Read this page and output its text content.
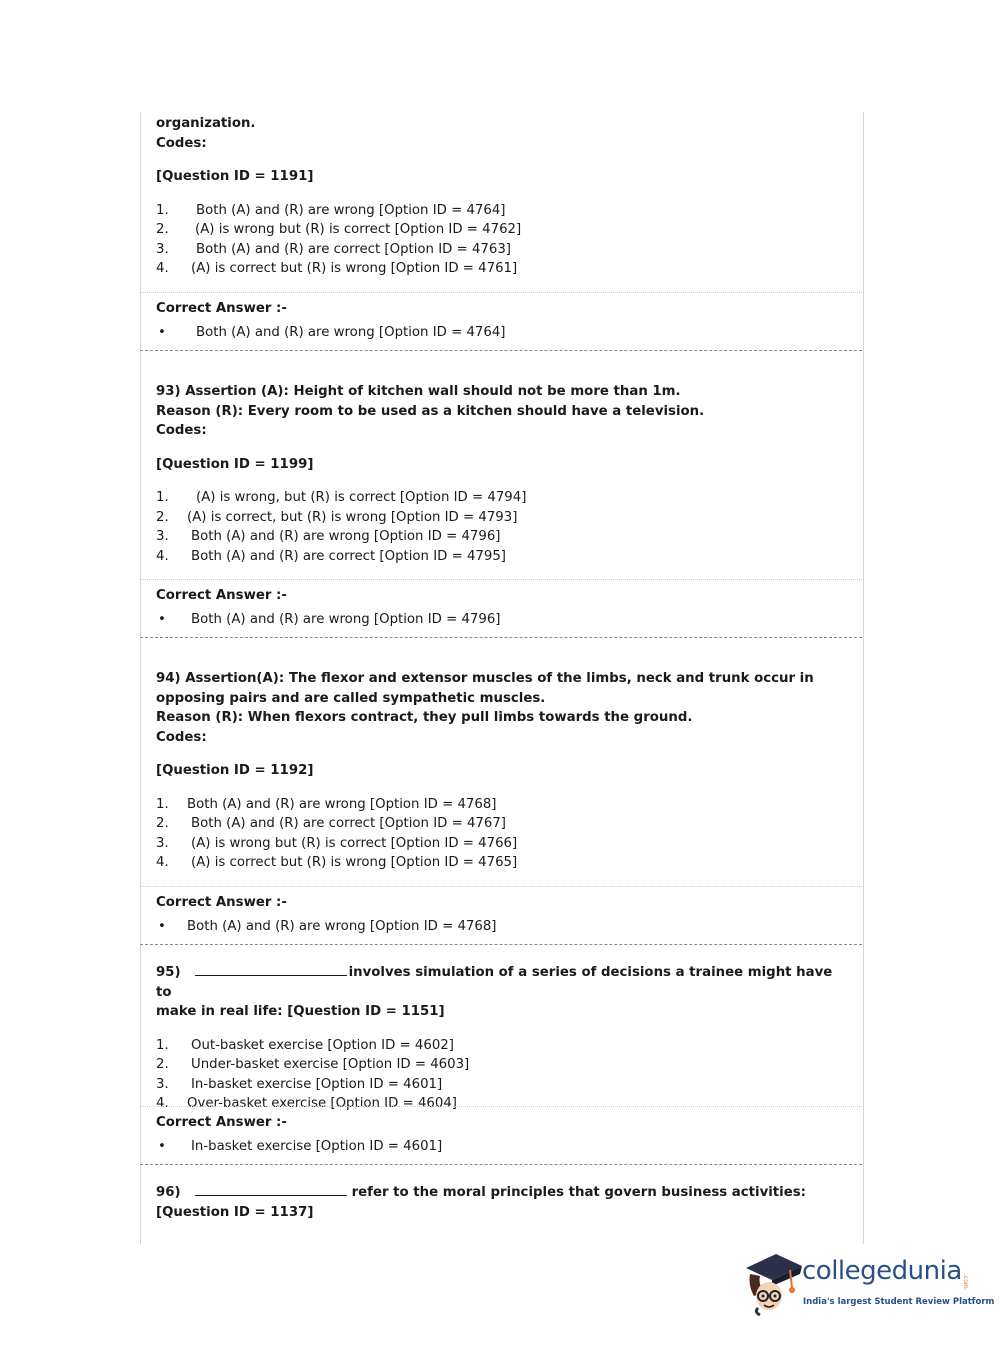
organization.
Codes:
[Question ID = 1191]
1.	Both (A) and (R) are wrong [Option ID = 4764]
2.	(A) is wrong but (R) is correct [Option ID = 4762]
3.	Both (A) and (R) are correct [Option ID = 4763]
4.	(A) is correct but (R) is wrong [Option ID = 4761]
Correct Answer :-
•	Both (A) and (R) are wrong [Option ID = 4764]
93) Assertion (A): Height of kitchen wall should not be more than 1m.
Reason (R): Every room to be used as a kitchen should have a television.
Codes:
[Question ID = 1199]
1.	(A) is wrong, but (R) is correct [Option ID = 4794]
2.	(A) is correct, but (R) is wrong [Option ID = 4793]
3.	Both (A) and (R) are wrong [Option ID = 4796]
4.	Both (A) and (R) are correct [Option ID = 4795]
Correct Answer :-
•	Both (A) and (R) are wrong [Option ID = 4796]
94) Assertion(A): The flexor and extensor muscles of the limbs, neck and trunk occur in
opposing pairs and are called sympathetic muscles.
Reason (R): When flexors contract, they pull limbs towards the ground.
Codes:
[Question ID = 1192]
1.	Both (A) and (R) are wrong [Option ID = 4768]
2.	Both (A) and (R) are correct [Option ID = 4767]
3.	(A) is wrong but (R) is correct [Option ID = 4766]
4.	(A) is correct but (R) is wrong [Option ID = 4765]
Correct Answer :-
•	Both (A) and (R) are wrong [Option ID = 4768]
95)	involves simulation of a series of decisions a trainee might have to
make in real life: [Question ID = 1151]
1.	Out-basket exercise [Option ID = 4602]
2.	Under-basket exercise [Option ID = 4603]
3.	In-basket exercise [Option ID = 4601]
4.	Over-basket exercise [Option ID = 4604]
Correct Answer :-
•	In-basket exercise [Option ID = 4601]
96)	refer to the moral principles that govern business activities:
[Question ID = 1137]
collegedunia .com
India's largest Student Review Platform
